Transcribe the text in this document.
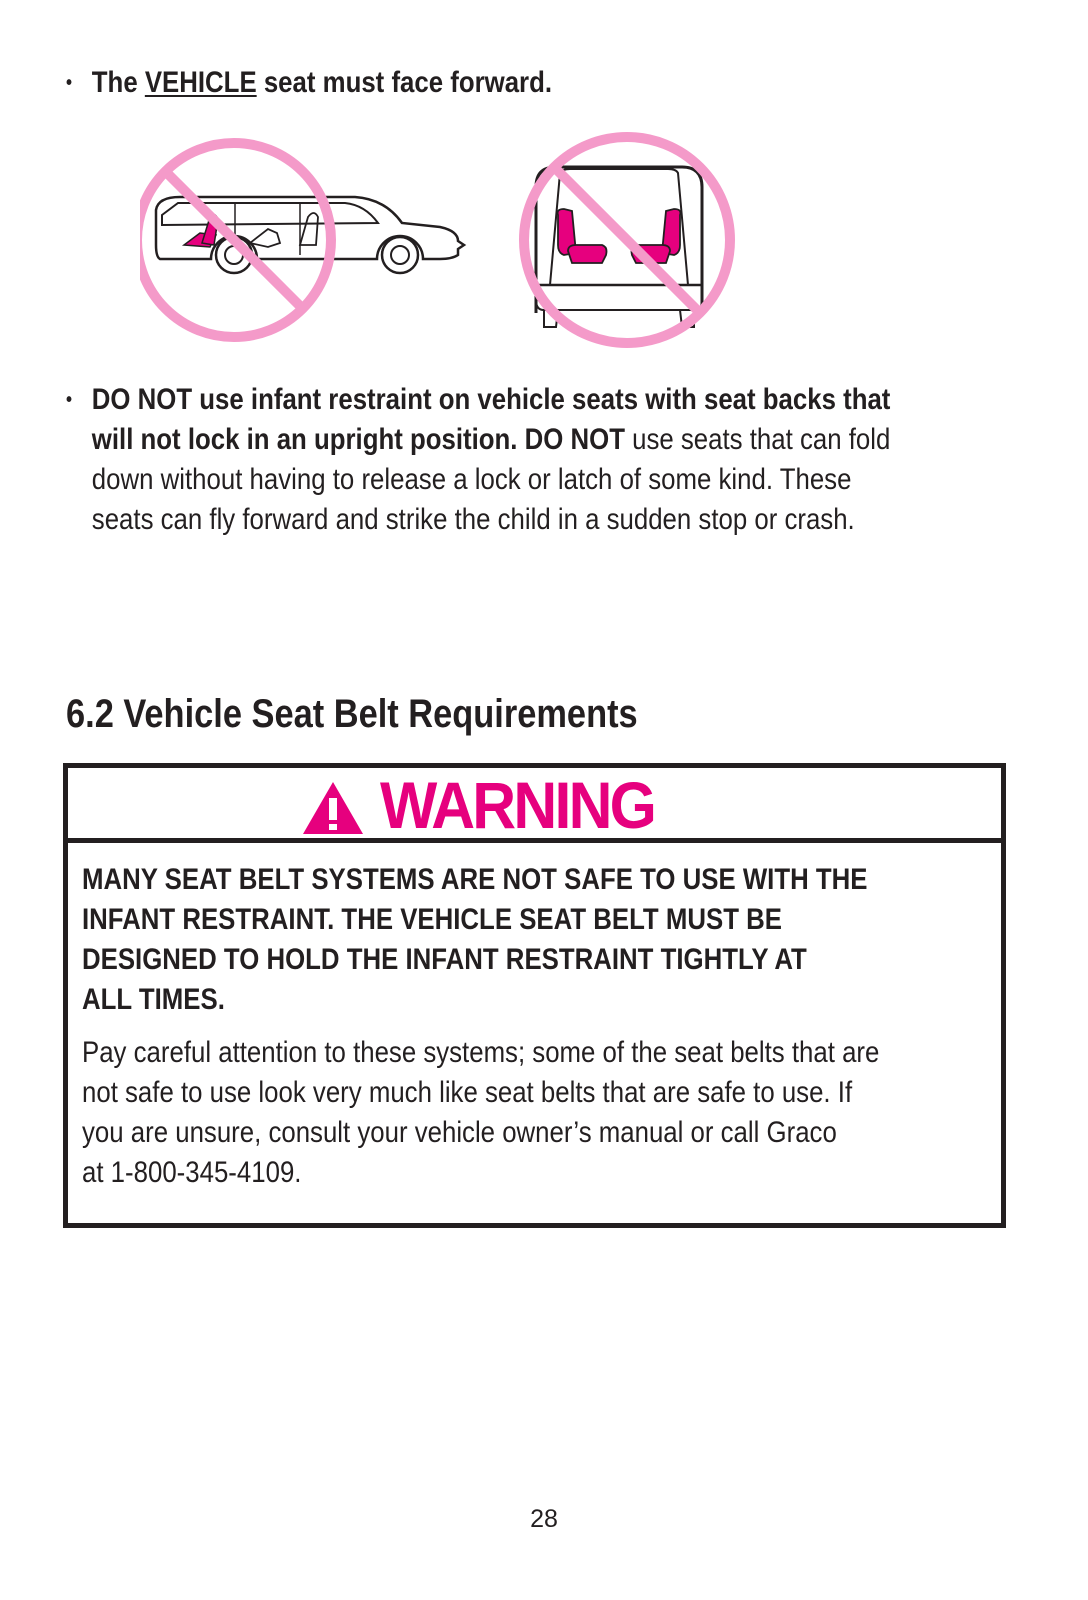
• The VEHICLE seat must face forward.
• DO NOT use infant restraint on vehicle seats with seat backs that
will not lock in an upright position. DO NOT use seats that can fold
down without having to release a lock or latch of some kind. These
seats can fly forward and strike the child in a sudden stop or crash.
6.2 Vehicle Seat Belt Requirements
WARNING
MANY SEAT BELT SYSTEMS ARE NOT SAFE TO USE WITH THE
INFANT RESTRAINT. THE VEHICLE SEAT BELT MUST BE
DESIGNED TO HOLD THE INFANT RESTRAINT TIGHTLY AT
ALL TIMES.
Pay careful attention to these systems; some of the seat belts that are
not safe to use look very much like seat belts that are safe to use. If
you are unsure, consult your vehicle owner’s manual or call Graco
at 1-800-345-4109.
28
